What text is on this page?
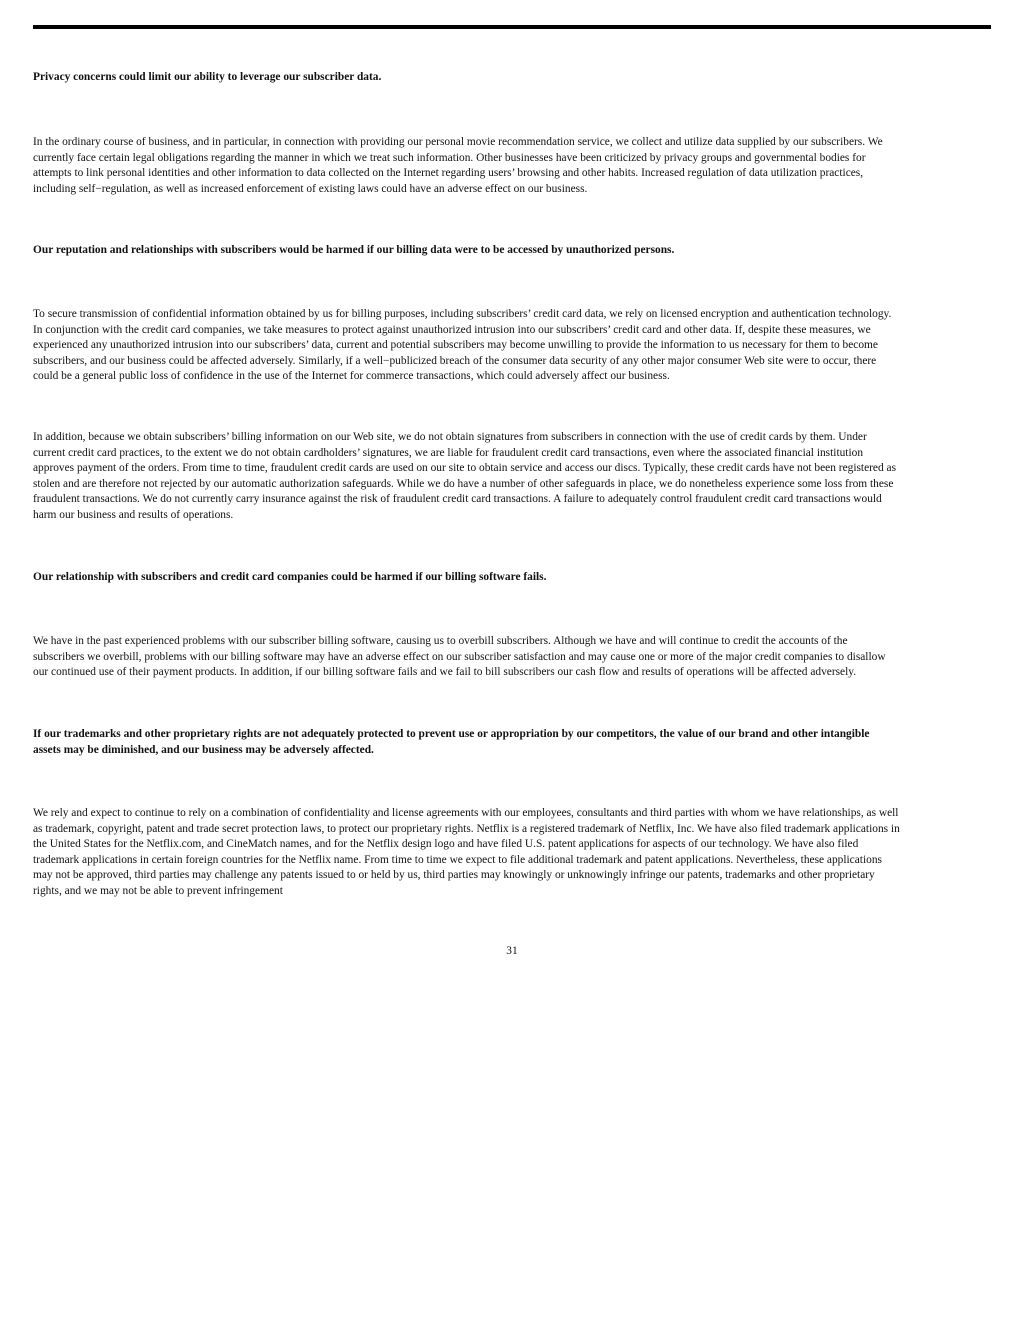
Privacy concerns could limit our ability to leverage our subscriber data.
In the ordinary course of business, and in particular, in connection with providing our personal movie recommendation service, we collect and utilize data supplied by our subscribers. We
currently face certain legal obligations regarding the manner in which we treat such information. Other businesses have been criticized by privacy groups and governmental bodies for
attempts to link personal identities and other information to data collected on the Internet regarding users’ browsing and other habits. Increased regulation of data utilization practices,
including self−regulation, as well as increased enforcement of existing laws could have an adverse effect on our business.
Our reputation and relationships with subscribers would be harmed if our billing data were to be accessed by unauthorized persons.
To secure transmission of confidential information obtained by us for billing purposes, including subscribers’ credit card data, we rely on licensed encryption and authentication technology.
In conjunction with the credit card companies, we take measures to protect against unauthorized intrusion into our subscribers’ credit card and other data. If, despite these measures, we
experienced any unauthorized intrusion into our subscribers’ data, current and potential subscribers may become unwilling to provide the information to us necessary for them to become
subscribers, and our business could be affected adversely. Similarly, if a well−publicized breach of the consumer data security of any other major consumer Web site were to occur, there
could be a general public loss of confidence in the use of the Internet for commerce transactions, which could adversely affect our business.
In addition, because we obtain subscribers’ billing information on our Web site, we do not obtain signatures from subscribers in connection with the use of credit cards by them. Under
current credit card practices, to the extent we do not obtain cardholders’ signatures, we are liable for fraudulent credit card transactions, even where the associated financial institution
approves payment of the orders. From time to time, fraudulent credit cards are used on our site to obtain service and access our discs. Typically, these credit cards have not been registered as
stolen and are therefore not rejected by our automatic authorization safeguards. While we do have a number of other safeguards in place, we do nonetheless experience some loss from these
fraudulent transactions. We do not currently carry insurance against the risk of fraudulent credit card transactions. A failure to adequately control fraudulent credit card transactions would
harm our business and results of operations.
Our relationship with subscribers and credit card companies could be harmed if our billing software fails.
We have in the past experienced problems with our subscriber billing software, causing us to overbill subscribers. Although we have and will continue to credit the accounts of the
subscribers we overbill, problems with our billing software may have an adverse effect on our subscriber satisfaction and may cause one or more of the major credit companies to disallow
our continued use of their payment products. In addition, if our billing software fails and we fail to bill subscribers our cash flow and results of operations will be affected adversely.
If our trademarks and other proprietary rights are not adequately protected to prevent use or appropriation by our competitors, the value of our brand and other intangible
assets may be diminished, and our business may be adversely affected.
We rely and expect to continue to rely on a combination of confidentiality and license agreements with our employees, consultants and third parties with whom we have relationships, as well
as trademark, copyright, patent and trade secret protection laws, to protect our proprietary rights. Netflix is a registered trademark of Netflix, Inc. We have also filed trademark applications in
the United States for the Netflix.com, and CineMatch names, and for the Netflix design logo and have filed U.S. patent applications for aspects of our technology. We have also filed
trademark applications in certain foreign countries for the Netflix name. From time to time we expect to file additional trademark and patent applications. Nevertheless, these applications
may not be approved, third parties may challenge any patents issued to or held by us, third parties may knowingly or unknowingly infringe our patents, trademarks and other proprietary
rights, and we may not be able to prevent infringement
31
